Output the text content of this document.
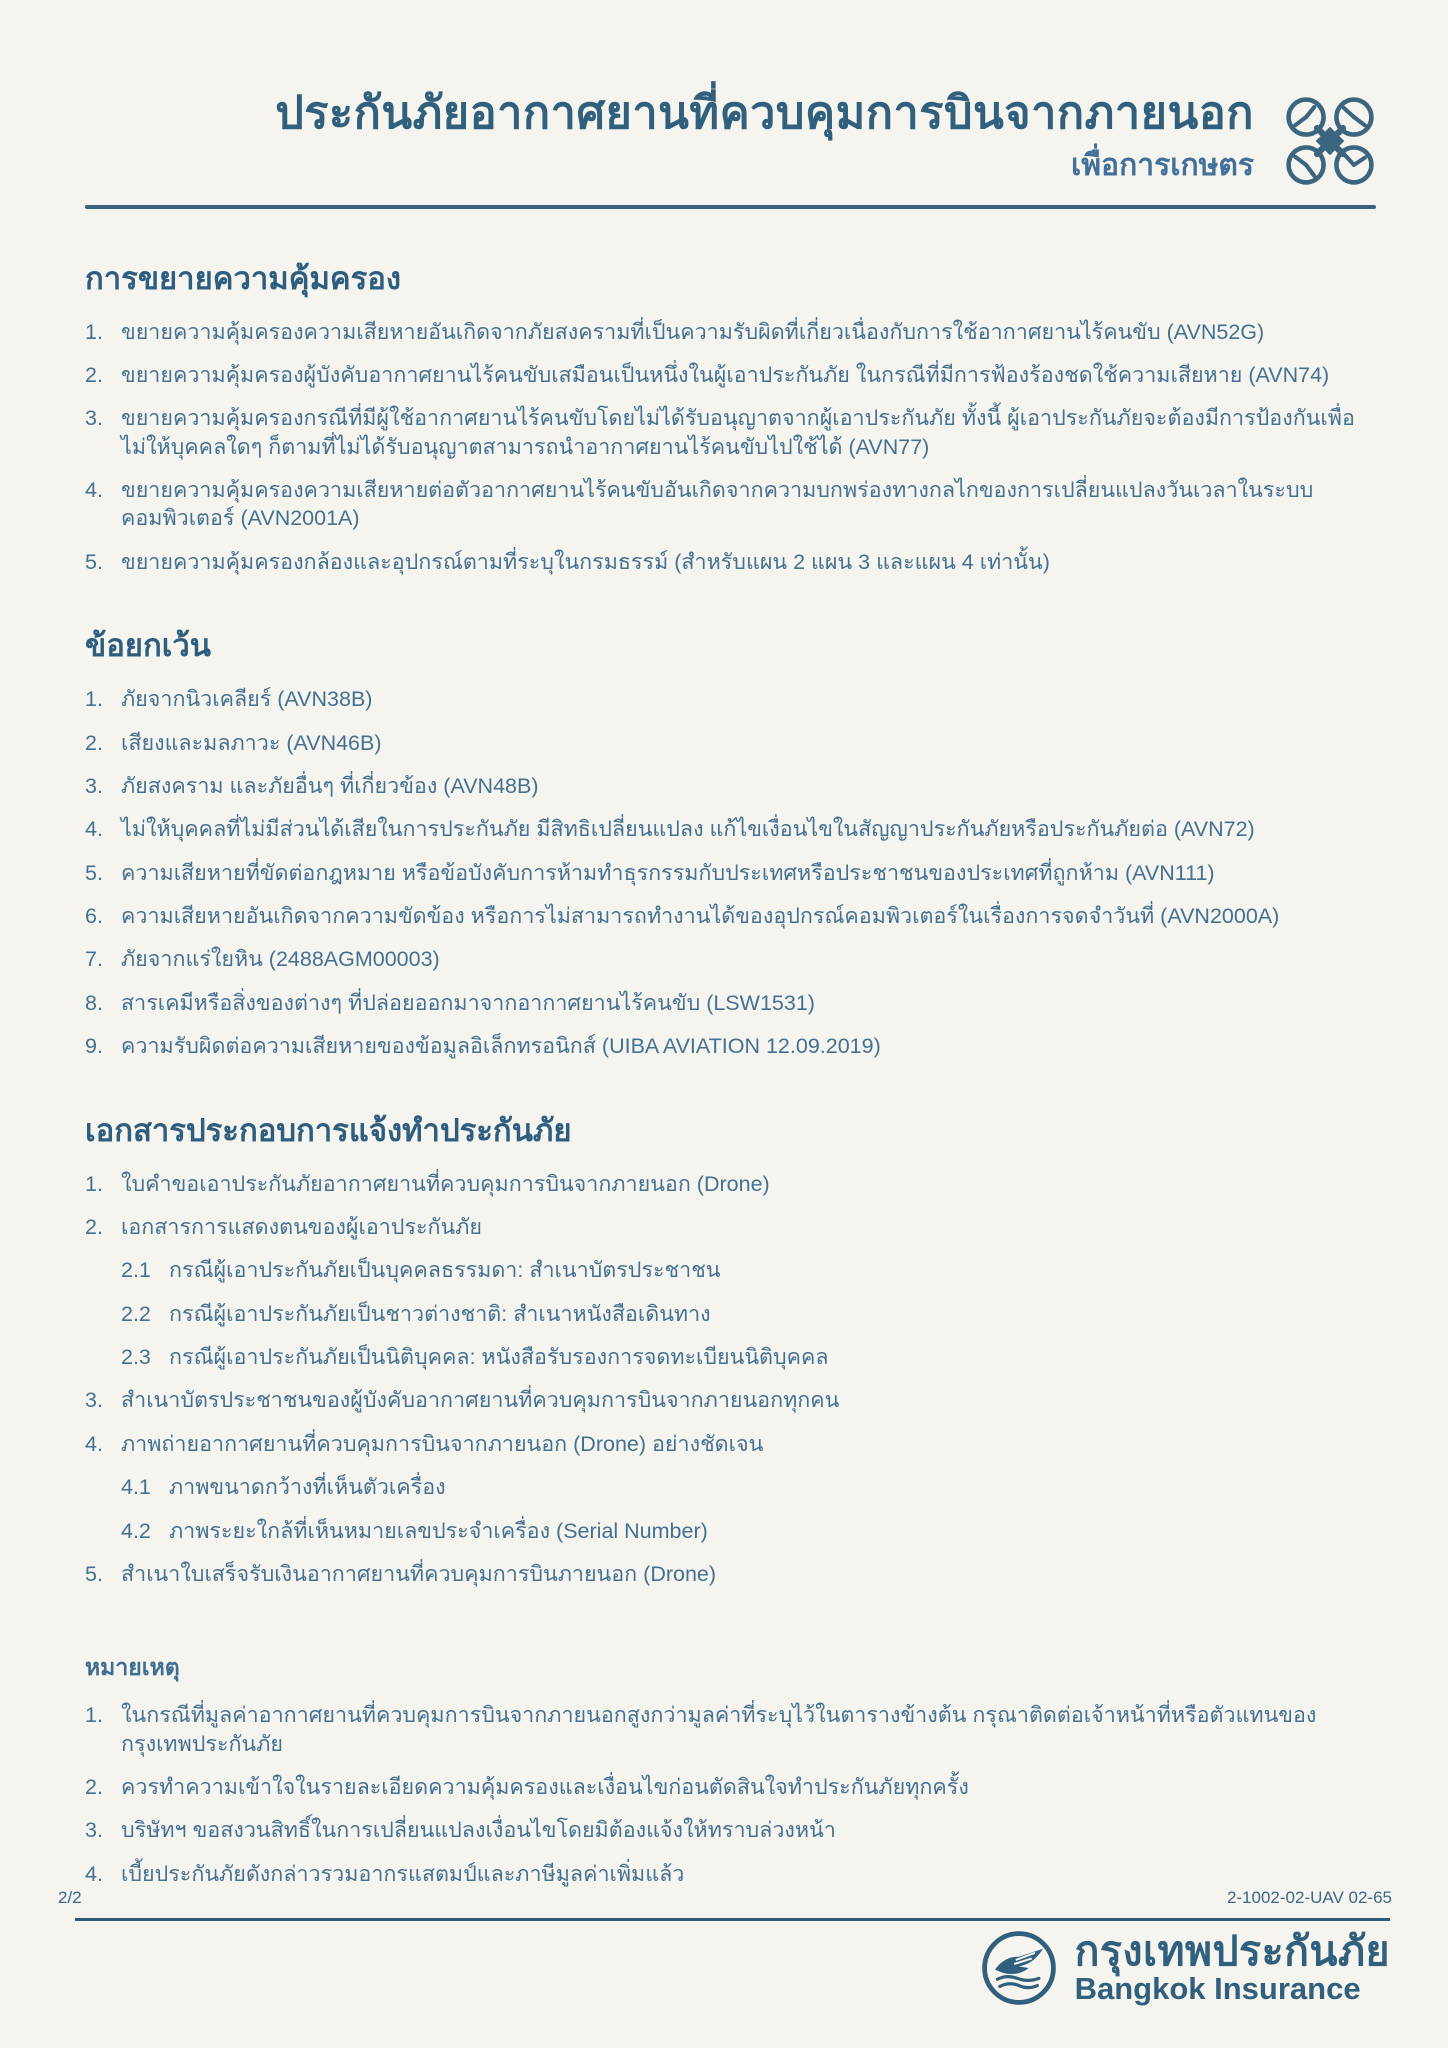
ประกันภัยอากาศยานที่ควบคุมการบินจากภายนอก
เพื่อการเกษตร
การขยายความคุ้มครอง
1. ขยายความคุ้มครองความเสียหายอันเกิดจากภัยสงครามที่เป็นความรับผิดที่เกี่ยวเนื่องกับการใช้อากาศยานไร้คนขับ (AVN52G)
2. ขยายความคุ้มครองผู้บังคับอากาศยานไร้คนขับเสมือนเป็นหนึ่งในผู้เอาประกันภัย ในกรณีที่มีการฟ้องร้องชดใช้ความเสียหาย (AVN74)
3. ขยายความคุ้มครองกรณีที่มีผู้ใช้อากาศยานไร้คนขับโดยไม่ได้รับอนุญาตจากผู้เอาประกันภัย ทั้งนี้ ผู้เอาประกันภัยจะต้องมีการป้องกันเพื่อไม่ให้บุคคลใดๆ ก็ตามที่ไม่ได้รับอนุญาตสามารถนำอากาศยานไร้คนขับไปใช้ได้ (AVN77)
4. ขยายความคุ้มครองความเสียหายต่อตัวอากาศยานไร้คนขับอันเกิดจากความบกพร่องทางกลไกของการเปลี่ยนแปลงวันเวลาในระบบคอมพิวเตอร์ (AVN2001A)
5. ขยายความคุ้มครองกล้องและอุปกรณ์ตามที่ระบุในกรมธรรม์ (สำหรับแผน 2 แผน 3 และแผน 4 เท่านั้น)
ข้อยกเว้น
1. ภัยจากนิวเคลียร์ (AVN38B)
2. เสียงและมลภาวะ (AVN46B)
3. ภัยสงคราม และภัยอื่นๆ ที่เกี่ยวข้อง (AVN48B)
4. ไม่ให้บุคคลที่ไม่มีส่วนได้เสียในการประกันภัย มีสิทธิเปลี่ยนแปลง แก้ไขเงื่อนไขในสัญญาประกันภัยหรือประกันภัยต่อ (AVN72)
5. ความเสียหายที่ขัดต่อกฎหมาย หรือข้อบังคับการห้ามทำธุรกรรมกับประเทศหรือประชาชนของประเทศที่ถูกห้าม (AVN111)
6. ความเสียหายอันเกิดจากความขัดข้อง หรือการไม่สามารถทำงานได้ของอุปกรณ์คอมพิวเตอร์ในเรื่องการจดจำวันที่ (AVN2000A)
7. ภัยจากแร่ใยหิน (2488AGM00003)
8. สารเคมีหรือสิ่งของต่างๆ ที่ปล่อยออกมาจากอากาศยานไร้คนขับ (LSW1531)
9. ความรับผิดต่อความเสียหายของข้อมูลอิเล็กทรอนิกส์ (UIBA AVIATION 12.09.2019)
เอกสารประกอบการแจ้งทำประกันภัย
1. ใบคำขอเอาประกันภัยอากาศยานที่ควบคุมการบินจากภายนอก (Drone)
2. เอกสารการแสดงตนของผู้เอาประกันภัย
2.1 กรณีผู้เอาประกันภัยเป็นบุคคลธรรมดา: สำเนาบัตรประชาชน
2.2 กรณีผู้เอาประกันภัยเป็นชาวต่างชาติ: สำเนาหนังสือเดินทาง
2.3 กรณีผู้เอาประกันภัยเป็นนิติบุคคล: หนังสือรับรองการจดทะเบียนนิติบุคคล
3. สำเนาบัตรประชาชนของผู้บังคับอากาศยานที่ควบคุมการบินจากภายนอกทุกคน
4. ภาพถ่ายอากาศยานที่ควบคุมการบินจากภายนอก (Drone) อย่างชัดเจน
4.1 ภาพขนาดกว้างที่เห็นตัวเครื่อง
4.2 ภาพระยะใกล้ที่เห็นหมายเลขประจำเครื่อง (Serial Number)
5. สำเนาใบเสร็จรับเงินอากาศยานที่ควบคุมการบินภายนอก (Drone)
หมายเหตุ
1. ในกรณีที่มูลค่าอากาศยานที่ควบคุมการบินจากภายนอกสูงกว่ามูลค่าที่ระบุไว้ในตารางข้างต้น กรุณาติดต่อเจ้าหน้าที่หรือตัวแทนของกรุงเทพประกันภัย
2. ควรทำความเข้าใจในรายละเอียดความคุ้มครองและเงื่อนไขก่อนตัดสินใจทำประกันภัยทุกครั้ง
3. บริษัทฯ ขอสงวนสิทธิ์ในการเปลี่ยนแปลงเงื่อนไขโดยมิต้องแจ้งให้ทราบล่วงหน้า
4. เบี้ยประกันภัยดังกล่าวรวมอากรแสตมป์และภาษีมูลค่าเพิ่มแล้ว
2/2	2-1002-02-UAV 02-65
กรุงเทพประกันภัย
Bangkok Insurance
